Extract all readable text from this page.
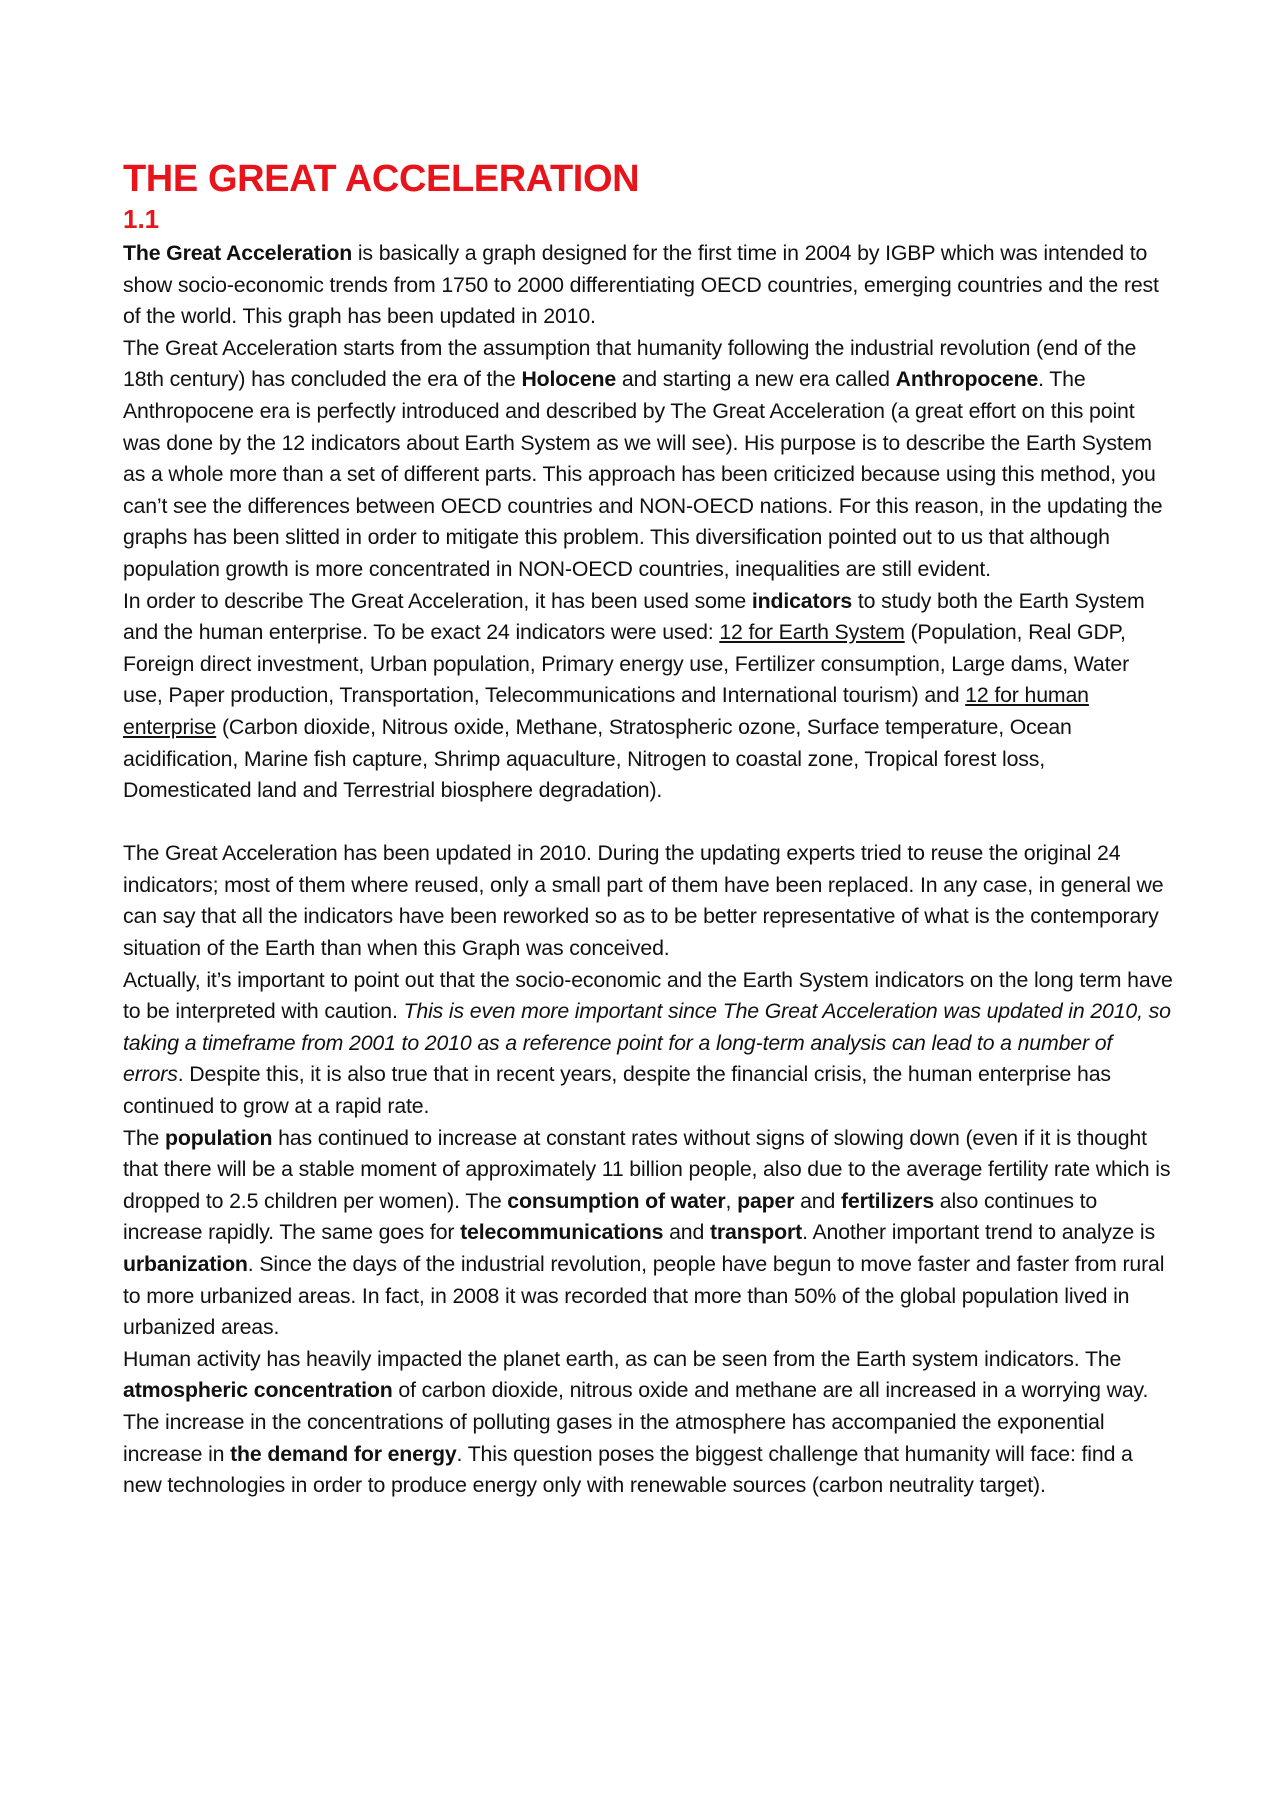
THE GREAT ACCELERATION
1.1

The Great Acceleration is basically a graph designed for the first time in 2004 by IGBP which was intended to show socio-economic trends from 1750 to 2000 differentiating OECD countries, emerging countries and the rest of the world. This graph has been updated in 2010.

The Great Acceleration starts from the assumption that humanity following the industrial revolution (end of the 18th century) has concluded the era of the Holocene and starting a new era called Anthropocene. The Anthropocene era is perfectly introduced and described by The Great Acceleration (a great effort on this point was done by the 12 indicators about Earth System as we will see). His purpose is to describe the Earth System as a whole more than a set of different parts. This approach has been criticized because using this method, you can’t see the differences between OECD countries and NON-OECD nations. For this reason, in the updating the graphs has been slitted in order to mitigate this problem. This diversification pointed out to us that although population growth is more concentrated in NON-OECD countries, inequalities are still evident.

In order to describe The Great Acceleration, it has been used some indicators to study both the Earth System and the human enterprise. To be exact 24 indicators were used: 12 for Earth System (Population, Real GDP, Foreign direct investment, Urban population, Primary energy use, Fertilizer consumption, Large dams, Water use, Paper production, Transportation, Telecommunications and International tourism) and 12 for human enterprise (Carbon dioxide, Nitrous oxide, Methane, Stratospheric ozone, Surface temperature, Ocean acidification, Marine fish capture, Shrimp aquaculture, Nitrogen to coastal zone, Tropical forest loss, Domesticated land and Terrestrial biosphere degradation).

The Great Acceleration has been updated in 2010. During the updating experts tried to reuse the original 24 indicators; most of them where reused, only a small part of them have been replaced. In any case, in general we can say that all the indicators have been reworked so as to be better representative of what is the contemporary situation of the Earth than when this Graph was conceived.

Actually, it’s important to point out that the socio-economic and the Earth System indicators on the long term have to be interpreted with caution. This is even more important since The Great Acceleration was updated in 2010, so taking a timeframe from 2001 to 2010 as a reference point for a long-term analysis can lead to a number of errors. Despite this, it is also true that in recent years, despite the financial crisis, the human enterprise has continued to grow at a rapid rate.

The population has continued to increase at constant rates without signs of slowing down (even if it is thought that there will be a stable moment of approximately 11 billion people, also due to the average fertility rate which is dropped to 2.5 children per women). The consumption of water, paper and fertilizers also continues to increase rapidly. The same goes for telecommunications and transport. Another important trend to analyze is urbanization. Since the days of the industrial revolution, people have begun to move faster and faster from rural to more urbanized areas. In fact, in 2008 it was recorded that more than 50% of the global population lived in urbanized areas.

Human activity has heavily impacted the planet earth, as can be seen from the Earth system indicators. The atmospheric concentration of carbon dioxide, nitrous oxide and methane are all increased in a worrying way. The increase in the concentrations of polluting gases in the atmosphere has accompanied the exponential increase in the demand for energy. This question poses the biggest challenge that humanity will face: find a new technologies in order to produce energy only with renewable sources (carbon neutrality target).
